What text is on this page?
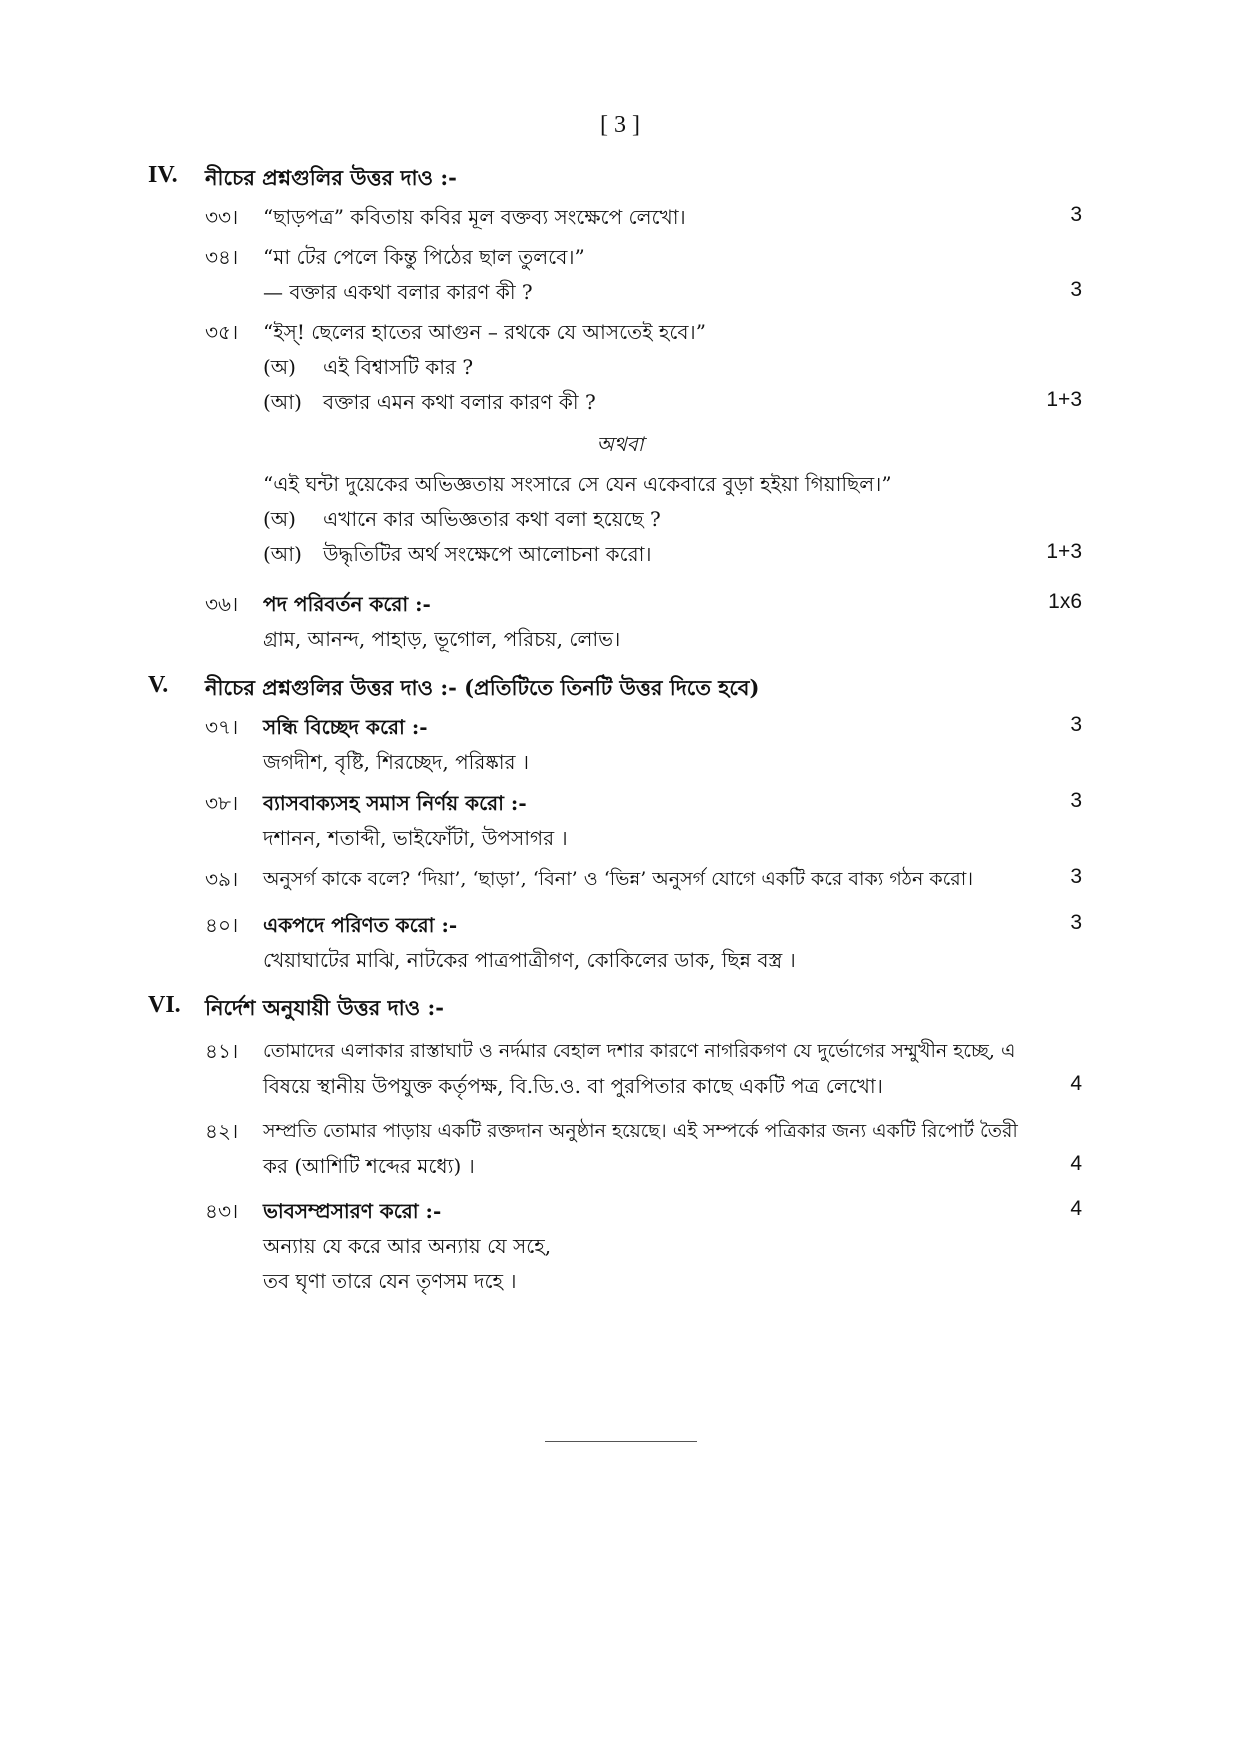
[ 3 ]
IV. নীচের প্রশ্নগুলির উত্তর দাও :-
৩৩। “ছাড়পত্র” কবিতায় কবির মূল বক্তব্য সংক্ষেপে লেখো।	3
৩৪। “মা টের পেলে কিন্তু পিঠের ছাল তুলবে।”
— বক্তার একথা বলার কারণ কী ?	3
৩৫। “ইস্! ছেলের হাতের আগুন – রথকে যে আসতেই হবে।”
(অ) এই বিশ্বাসটি কার ?
(আ) বক্তার এমন কথা বলার কারণ কী ?	1+3
অথবা
“এই ঘন্টা দুয়েকের অভিজ্ঞতায় সংসারে সে যেন একেবারে বুড়া হইয়া গিয়াছিল।”
(অ) এখানে কার অভিজ্ঞতার কথা বলা হয়েছে ?
(আ) উদ্ধৃতিটির অর্থ সংক্ষেপে আলোচনা করো।	1+3
৩৬। পদ পরিবর্তন করো :-	1x6
গ্রাম, আনন্দ, পাহাড়, ভূগোল, পরিচয়, লোভ।
V. নীচের প্রশ্নগুলির উত্তর দাও :- (প্রতিটিতে তিনটি উত্তর দিতে হবে)
৩৭। সন্ধি বিচ্ছেদ করো :-	3
জগদীশ, বৃষ্টি, শিরচ্ছেদ, পরিষ্কার ।
৩৮। ব্যাসবাক্যসহ সমাস নির্ণয় করো :-	3
দশানন, শতাব্দী, ভাইফোঁটা, উপসাগর ।
৩৯। অনুসর্গ কাকে বলে? ‘দিয়া’, ‘ছাড়া’, ‘বিনা’ ও ‘ভিন্ন’ অনুসর্গ যোগে একটি করে বাক্য গঠন করো।	3
৪০। একপদে পরিণত করো :-	3
খেয়াঘাটের মাঝি, নাটকের পাত্রপাত্রীগণ, কোকিলের ডাক, ছিন্ন বস্ত্র ।
VI. নির্দেশ অনুযায়ী উত্তর দাও :-
৪১। তোমাদের এলাকার রাস্তাঘাট ও নর্দমার বেহাল দশার কারণে নাগরিকগণ যে দুর্ভোগের সম্মুখীন হচ্ছে, এ
বিষয়ে স্থানীয় উপযুক্ত কর্তৃপক্ষ, বি.ডি.ও. বা পুরপিতার কাছে একটি পত্র লেখো।	4
৪২। সম্প্রতি তোমার পাড়ায় একটি রক্তদান অনুষ্ঠান হয়েছে। এই সম্পর্কে পত্রিকার জন্য একটি রিপোর্ট তৈরী
কর (আশিটি শব্দের মধ্যে) ।	4
৪৩। ভাবসম্প্রসারণ করো :-	4
অন্যায় যে করে আর অন্যায় যে সহে,
তব ঘৃণা তারে যেন তৃণসম দহে ।
